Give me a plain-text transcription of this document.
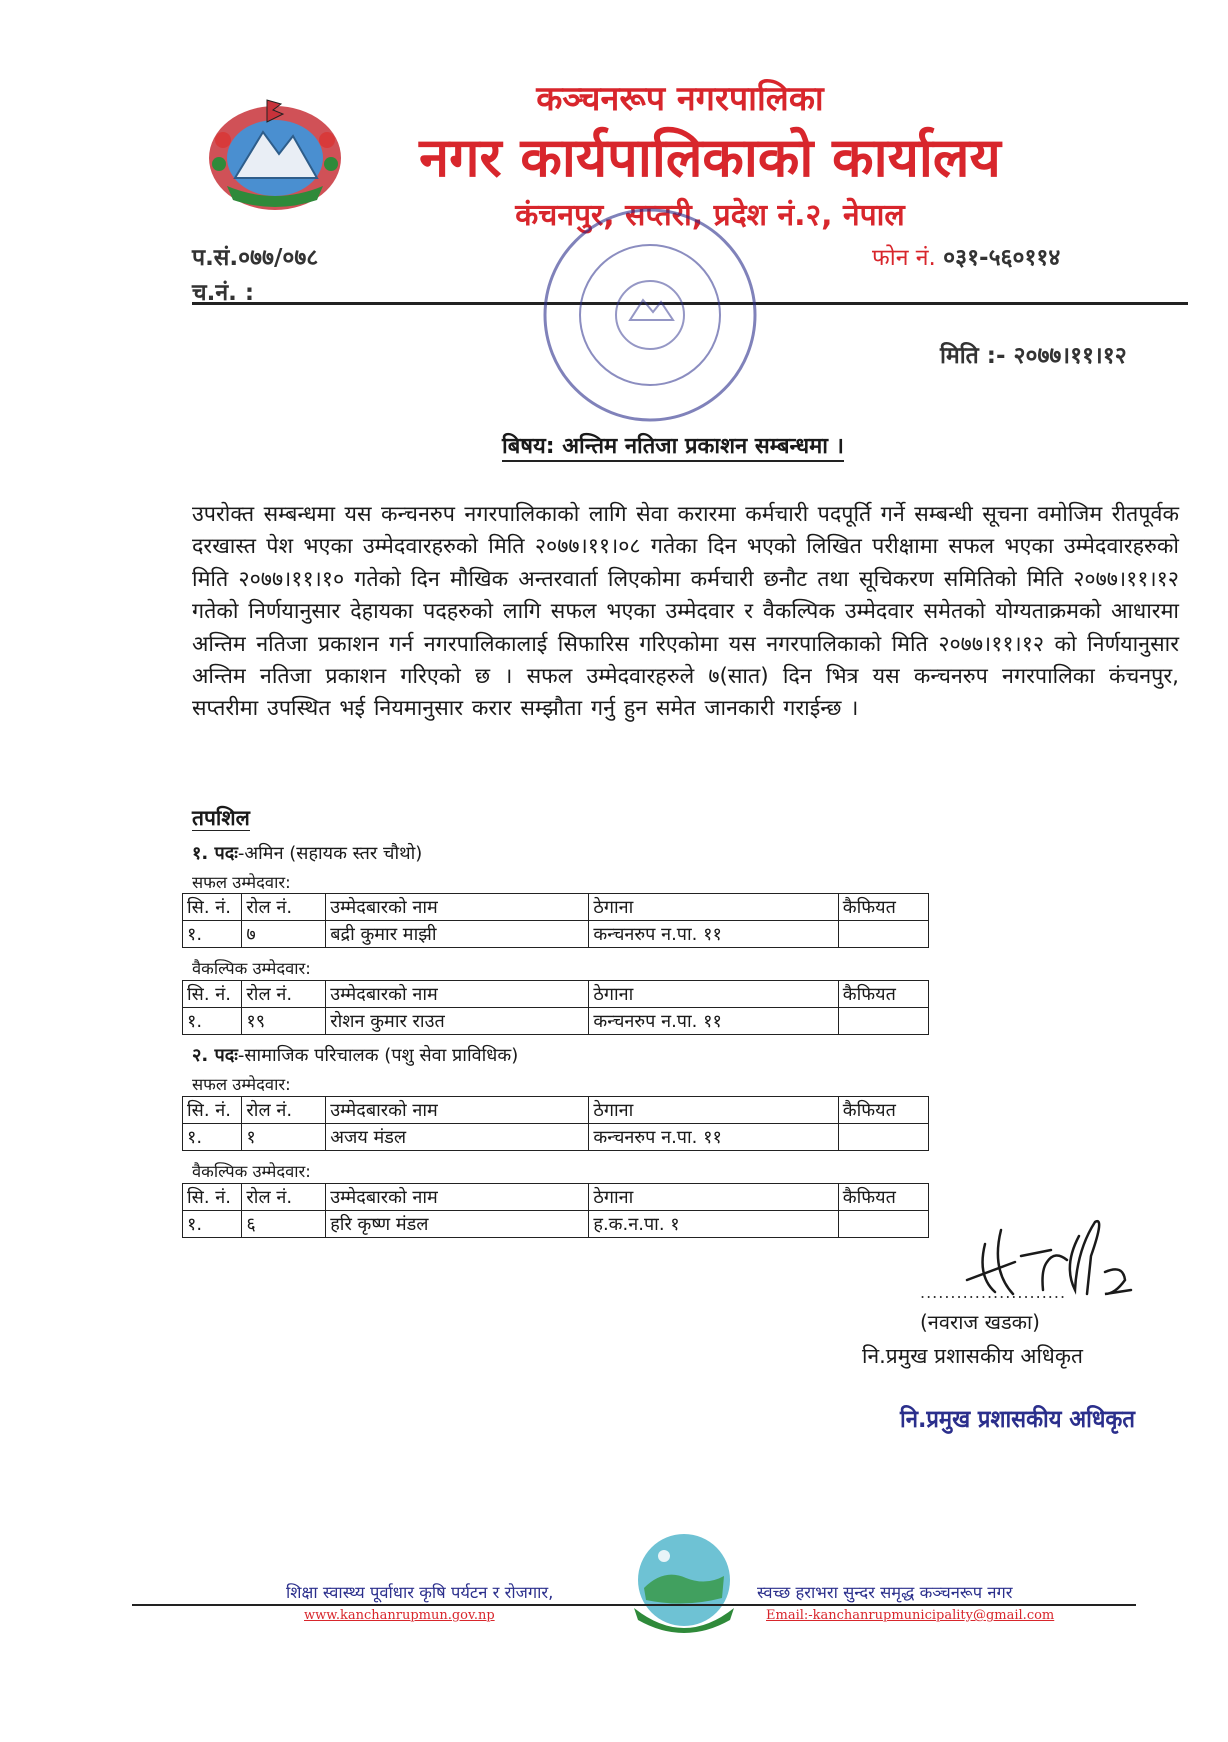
कञ्चनरूप नगरपालिका
नगर कार्यपालिकाको कार्यालय
कंचनपुर, सप्तरी, प्रदेश नं.२, नेपाल
प.सं.०७७/०७८
च.नं. :
फोन नं. ०३१-५६०११४
मिति :- २०७७।११।१२
बिषय: अन्तिम नतिजा प्रकाशन सम्बन्धमा ।
उपरोक्त सम्बन्धमा यस कन्चनरुप नगरपालिकाको लागि सेवा करारमा कर्मचारी पदपूर्ति गर्ने सम्बन्धी सूचना वमोजिम रीतपूर्वक दरखास्त पेश भएका उम्मेदवारहरुको मिति २०७७।११।०८ गतेका दिन भएको लिखित परीक्षामा सफल भएका उम्मेदवारहरुको मिति २०७७।११।१० गतेको दिन मौखिक अन्तरवार्ता लिएकोमा कर्मचारी छनौट तथा सूचिकरण समितिको मिति २०७७।११।१२ गतेको निर्णयानुसार देहायका पदहरुको लागि सफल भएका उम्मेदवार र वैकल्पिक उम्मेदवार समेतको योग्यताक्रमको आधारमा अन्तिम नतिजा प्रकाशन गर्न नगरपालिकालाई सिफारिस गरिएकोमा यस नगरपालिकाको मिति २०७७।११।१२ को निर्णयानुसार अन्तिम नतिजा प्रकाशन गरिएको छ । सफल उम्मेदवारहरुले ७(सात) दिन भित्र यस कन्चनरुप नगरपालिका कंचनपुर, सप्तरीमा उपस्थित भई नियमानुसार करार सम्झौता गर्नु हुन समेत जानकारी गराईन्छ ।
तपशिल
१. पदः-अमिन (सहायक स्तर चौथो)
सफल उम्मेदवार:
सि. नं.	रोल नं.	उम्मेदबारको नाम	ठेगाना	कैफियत
१.	७	बद्री कुमार माझी	कन्चनरुप न.पा. ११	
वैकल्पिक उम्मेदवार:
सि. नं.	रोल नं.	उम्मेदबारको नाम	ठेगाना	कैफियत
१.	१९	रोशन कुमार राउत	कन्चनरुप न.पा. ११	
२. पदः-सामाजिक परिचालक (पशु सेवा प्राविधिक)
सफल उम्मेदवार:
सि. नं.	रोल नं.	उम्मेदबारको नाम	ठेगाना	कैफियत
१.	१	अजय मंडल	कन्चनरुप न.पा. ११	
वैकल्पिक उम्मेदवार:
सि. नं.	रोल नं.	उम्मेदबारको नाम	ठेगाना	कैफियत
१.	६	हरि कृष्ण मंडल	ह.क.न.पा. १	
........................
(नवराज खडका)
नि.प्रमुख प्रशासकीय अधिकृत
नि.प्रमुख प्रशासकीय अधिकृत
शिक्षा स्वास्थ्य पूर्वाधार कृषि पर्यटन र रोजगार,	स्वच्छ हराभरा सुन्दर समृद्ध कञ्चनरूप नगर
www.kanchanrupmun.gov.np	Email:-kanchanrupmunicipality@gmail.com
